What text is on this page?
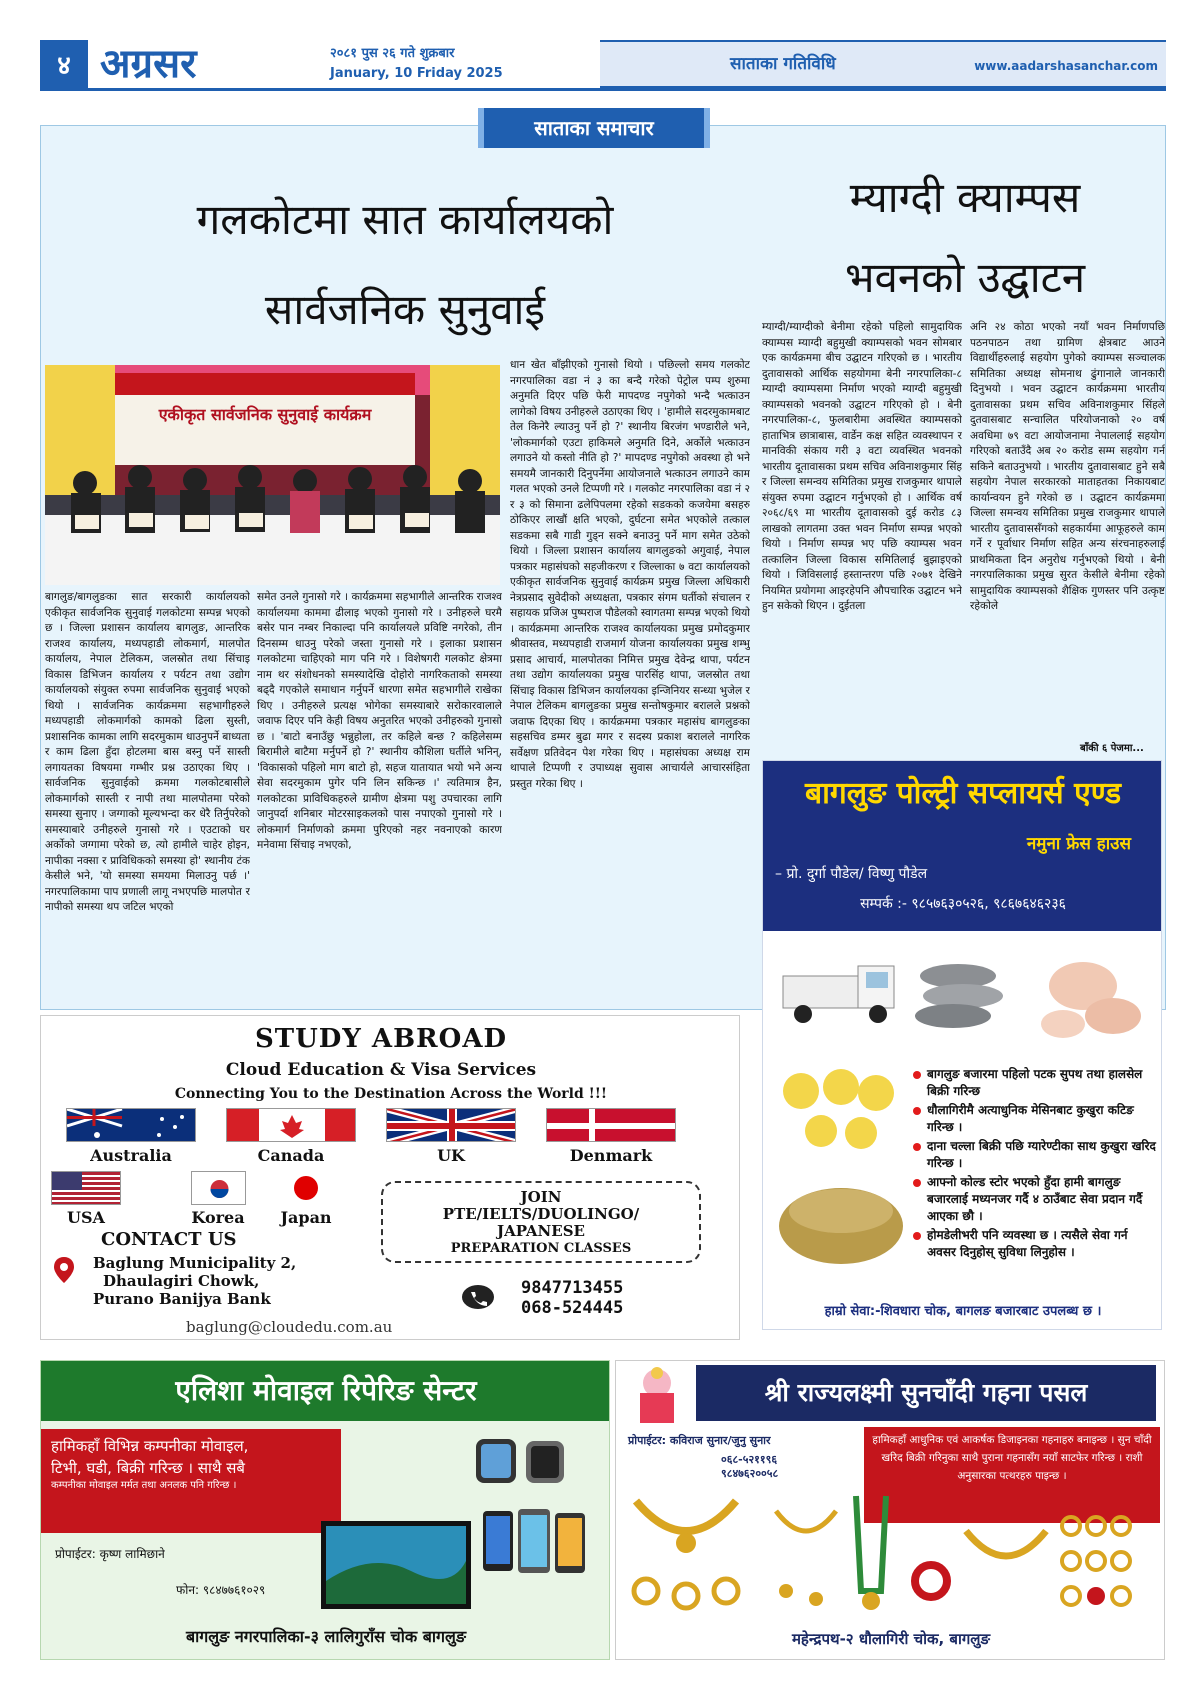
४ अग्रसर	२०८१ पुस २६ गते शुक्रबार
January, 10 Friday 2025	साताका गतिविधि	www.aadarshasanchar.com
साताका समाचार
गलकोटमा सात कार्यालयको
सार्वजनिक सुनुवाई
म्याग्दी क्याम्पस
भवनको उद्घाटन
एकीकृत सार्वजनिक सुनुवाई कार्यक्रम
बागलुङ/बागलुङका सात सरकारी कार्यालयको एकीकृत सार्वजनिक सुनुवाई गलकोटमा सम्पन्न भएको छ । जिल्ला प्रशासन कार्यालय बागलुङ, आन्तरिक राजश्व कार्यालय, मध्यपहाडी लोकमार्ग, मालपोत कार्यालय, नेपाल टेलिकम, जलस्रोत तथा सिंचाइ विकास डिभिजन कार्यालय र पर्यटन तथा उद्योग कार्यालयको संयुक्त रुपमा सार्वजनिक सुनुवाई भएको थियो । सार्वजनिक कार्यक्रममा सहभागीहरुले मध्यपहाडी लोकमार्गको कामको ढिला सुस्ती, प्रशासनिक कामका लागि सदरमुकाम धाउनुपर्ने बाध्यता र काम ढिला हुँदा होटलमा बास बस्नु पर्ने सास्ती लगायतका विषयमा गम्भीर प्रश्न उठाएका थिए । सार्वजनिक सुनुवाईको क्रममा गलकोटबासीले लोकमार्गको सास्ती र नापी तथा मालपोतमा परेको समस्या सुनाए । जग्गाको मूल्यभन्दा कर धेरै तिर्नुपरेको समस्याबारे उनीहरुले गुनासो गरे । एउटाको घर अर्कोको जग्गामा परेको छ, त्यो हामीले चाहेर होइन, नापीका नक्सा र प्राविधिकको समस्या हो' स्थानीय टंक केसीले भने, 'यो समस्या समयमा मिलाउनु पर्छ ।' नगरपालिकामा पाप प्रणाली लागू नभएपछि मालपोत र नापीको समस्या थप जटिल भएको
समेत उनले गुनासो गरे । कार्यक्रममा सहभागीले आन्तरिक राजश्व कार्यालयमा काममा ढीलाइ भएको गुनासो गरे । उनीहरुले घरमै बसेर पान नम्बर निकाल्दा पनि कार्यालयले प्रविष्टि नगरेको, तीन दिनसम्म धाउनु परेको जस्ता गुनासो गरे । इलाका प्रशासन गलकोटमा चाहिएको माग पनि गरे । विशेषगरी गलकोट क्षेत्रमा नाम थर संशोधनको समस्यादेखि दोहोरो नागरिकताको समस्या बढ्दै गएकोले समाधान गर्नुपर्ने धारणा समेत सहभागीले राखेका थिए । उनीहरुले प्रत्यक्ष भोगेका समस्याबारे सरोकारवालाले जवाफ दिएर पनि केही विषय अनुतरित भएको उनीहरुको गुनासो छ । 'बाटो बनाउँछु भन्नुहोला, तर कहिले बन्छ ? कहिलेसम्म बिरामीले बाटैमा मर्नुपर्ने हो ?' स्थानीय कौशिला घर्तीले भनिन्, 'विकासको पहिलो माग बाटो हो, सहज यातायात भयो भने अन्य सेवा सदरमुकाम पुगेर पनि लिन सकिन्छ ।' त्यतिमात्र हैन, गलकोटका प्राविधिकहरुले ग्रामीण क्षेत्रमा पशु उपचारका लागि जानुपर्दा शनिबार मोटरसाइकलको पास नपाएको गुनासो गरे । लोकमार्ग निर्माणको क्रममा पुरिएको नहर नवनाएको कारण मनेवामा सिंचाइ नभएको,
धान खेत बाँझीएको गुनासो थियो । पछिल्लो समय गलकोट नगरपालिका वडा नं ३ का बन्दै गरेको पेट्रोल पम्प शुरुमा अनुमति दिएर पछि फेरी मापदण्ड नपुगेको भन्दै भत्काउन लागेको विषय उनीहरुले उठाएका थिए । 'हामीले सदरमुकामबाट तेल किनेरै ल्याउनु पर्ने हो ?' स्थानीय बिरजंग भण्डारीले भने, 'लोकमार्गको एउटा हाकिमले अनुमति दिने, अर्कोले भत्काउन लगाउने यो कस्तो नीति हो ?' मापदण्ड नपुगेको अवस्था हो भने समयमै जानकारी दिनुपर्नेमा आयोजनाले भत्काउन लगाउने काम गलत भएको उनले टिप्पणी गरे । गलकोट नगरपालिका वडा नं २ र ३ को सिमाना ढलेपिपलमा रहेको सडकको कजयेमा बसहरु ठोकिएर लाखौं क्षति भएको, दुर्घटना समेत भएकोले तत्काल सडकमा सबै गाडी गुड्न सक्ने बनाउनु पर्ने माग समेत उठेको थियो । जिल्ला प्रशासन कार्यालय बागलुङको अगुवाई, नेपाल पत्रकार महासंघको सहजीकरण र जिल्लाका ७ वटा कार्यालयको एकीकृत सार्वजनिक सुनुवाई कार्यक्रम प्रमुख जिल्ला अधिकारी नेत्रप्रसाद सुवेदीको अध्यक्षता, पत्रकार संगम घर्तीको संचालन र सहायक प्रजिअ पुष्पराज पौडेलको स्वागतमा सम्पन्न भएको थियो । कार्यक्रममा आन्तरिक राजश्व कार्यालयका प्रमुख प्रमोदकुमार श्रीवास्तव, मध्यपहाडी राजमार्ग योजना कार्यालयका प्रमुख शम्भु प्रसाद आचार्य, मालपोतका निमित्त प्रमुख देवेन्द्र थापा, पर्यटन तथा उद्योग कार्यालयका प्रमुख पारसिंह थापा, जलस्रोत तथा सिंचाइ विकास डिभिजन कार्यालयका इन्जिनियर सन्ध्या भुजेल र नेपाल टेलिकम बागलुङका प्रमुख सन्तोषकुमार बरालले प्रश्नको जवाफ दिएका थिए । कार्यक्रममा पत्रकार महासंघ बागलुङका सहसचिव डम्मर बुढा मगर र सदस्य प्रकाश बरालले नागरिक सर्वेक्षण प्रतिवेदन पेश गरेका थिए । महासंघका अध्यक्ष राम थापाले टिप्पणी र उपाध्यक्ष सुवास आचार्यले आचारसंहिता प्रस्तुत गरेका थिए ।
म्याग्दी/म्याग्दीको बेनीमा रहेको पहिलो सामुदायिक क्याम्पस म्याग्दी बहुमुखी क्याम्पसको भवन सोमबार एक कार्यक्रममा बीच उद्घाटन गरिएको छ । भारतीय दुतावासको आर्थिक सहयोगमा बेनी नगरपालिका-८ म्याग्दी क्याम्पसमा निर्माण भएको म्याग्दी बहुमुखी क्याम्पसको भवनको उद्घाटन गरिएको हो । बेनी नगरपालिका-८, फुलबारीमा अवस्थित क्याम्पसको हाताभित्र छात्राबास, वार्डेन कक्ष सहित व्यवस्थापन र मानविकी संकाय गरी ३ वटा व्यवस्थित भवनको भारतीय दूतावासका प्रथम सचिव अविनाशकुमार सिंह र जिल्ला समन्वय समितिका प्रमुख राजकुमार थापाले संयुक्त रुपमा उद्घाटन गर्नुभएको हो । आर्थिक वर्ष २०६८/६९ मा भारतीय दूतावासको दुई करोड ८३ लाखको लागतमा उक्त भवन निर्माण सम्पन्न भएको थियो । निर्माण सम्पन्न भए पछि क्याम्पस भवन तत्कालिन जिल्ला विकास समितिलाई बुझाइएको थियो । जिविसलाई हस्तान्तरण पछि २०७१ देखिने नियमित प्रयोगमा आइरहेपनि औपचारिक उद्घाटन भने हुन सकेको थिएन । दुईतला
अनि २४ कोठा भएको नयाँ भवन निर्माणपछि पठनपाठन तथा ग्रामिण क्षेत्रबाट आउने विद्यार्थीहरुलाई सहयोग पुगेको क्याम्पस सञ्चालक समितिका अध्यक्ष सोमनाथ ढुंगानाले जानकारी दिनुभयो । भवन उद्घाटन कार्यक्रममा भारतीय दुतावासका प्रथम सचिव अविनाशकुमार सिंहले दुतवासबाट सन्चालित परियोजनाको २० वर्ष अवधिमा ७९ वटा आयोजनामा नेपाललाई सहयोग गरिएको बताउँदै अब २० करोड सम्म सहयोग गर्न सकिने बताउनुभयो । भारतीय दुतावासबाट हुने सबै सहयोग नेपाल सरकारको माताहतका निकायबाट कार्यान्वयन हुने गरेको छ । उद्घाटन कार्यक्रममा जिल्ला समन्वय समितिका प्रमुख राजकुमार थापाले भारतीय दुतावाससँगको सहकार्यमा आफूहरुले काम गर्ने र पूर्वाधार निर्माण सहित अन्य संरचनाहरुलाई प्राथमिकता दिन अनुरोध गर्नुभएको थियो । बेनी नगरपालिकाका प्रमुख सुरत केसीले बेनीमा रहेको सामुदायिक क्याम्पसको शैक्षिक गुणस्तर पनि उत्कृष्ट रहेकोले
बाँकी ६ पेजमा...
बागलुङ पोल्ट्री सप्लायर्स एण्ड
नमुना फ्रेस हाउस
– प्रो. दुर्गा पौडेल/ विष्णु पौडेल
सम्पर्क :- ९८५७६३०५२६, ९८६७६४६२३६
बागलुङ बजारमा पहिलो पटक सुपथ तथा हालसेल बिक्री गरिन्छ
धौलागिरीमै अत्याधुनिक मेसिनबाट कुखुरा कटिङ गरिन्छ ।
दाना चल्ला बिक्री पछि ग्यारेण्टीका साथ कुखुरा खरिद गरिन्छ ।
आफ्नो कोल्ड स्टोर भएको हुँदा हामी बागलुङ बजारलाई मध्यनजर गर्दै ४ ठाउँबाट सेवा प्रदान गर्दै आएका छौ ।
होमडेलीभरी पनि व्यवस्था छ । त्यसैले सेवा गर्न अवसर दिनुहोस् सुविधा लिनुहोस ।
हाम्रो सेवा:-शिवधारा चोक, बागलङ बजारबाट उपलब्ध छ ।
STUDY ABROAD
Cloud Education & Visa Services
Connecting You to the Destination Across the World !!!
Australia	Canada	UK	Denmark
USA	Korea	Japan
CONTACT US
Baglung Municipality 2,
Dhaulagiri Chowk,
Purano Banijya Bank
JOIN
PTE/IELTS/DUOLINGO/
JAPANESE
PREPARATION CLASSES
9847713455
068-524445
baglung@cloudedu.com.au
एलिशा मोवाइल रिपेरिङ सेन्टर
हामिकहाँ विभिन्न कम्पनीका मोवाइल,
टिभी, घडी, बिक्री गरिन्छ । साथै सबै
कम्पनीका मोवाइल मर्मत तथा अनलक पनि गरिन्छ ।
प्रोपाईटर: कृष्ण लामिछाने
फोन: ९८४७७६१०२९
बागलुङ नगरपालिका-३ लालिगुराँस चोक बागलुङ
श्री राज्यलक्ष्मी सुनचाँदी गहना पसल
प्रोपाईटर: कविराज सुनार/जुनु सुनार
०६८-५२११९६
९८४७६२००५८
हामिकहाँ आधुनिक एवं आकर्षक डिजाइनका गहनाहरु बनाइन्छ । सुन चाँदी खरिद बिक्री गरिनुका साथै पुराना गहनासँग नयाँ साटफेर गरिन्छ । राशी अनुसारका पत्थरहरु पाइन्छ ।
महेन्द्रपथ-२ धौलागिरी चोक, बागलुङ
